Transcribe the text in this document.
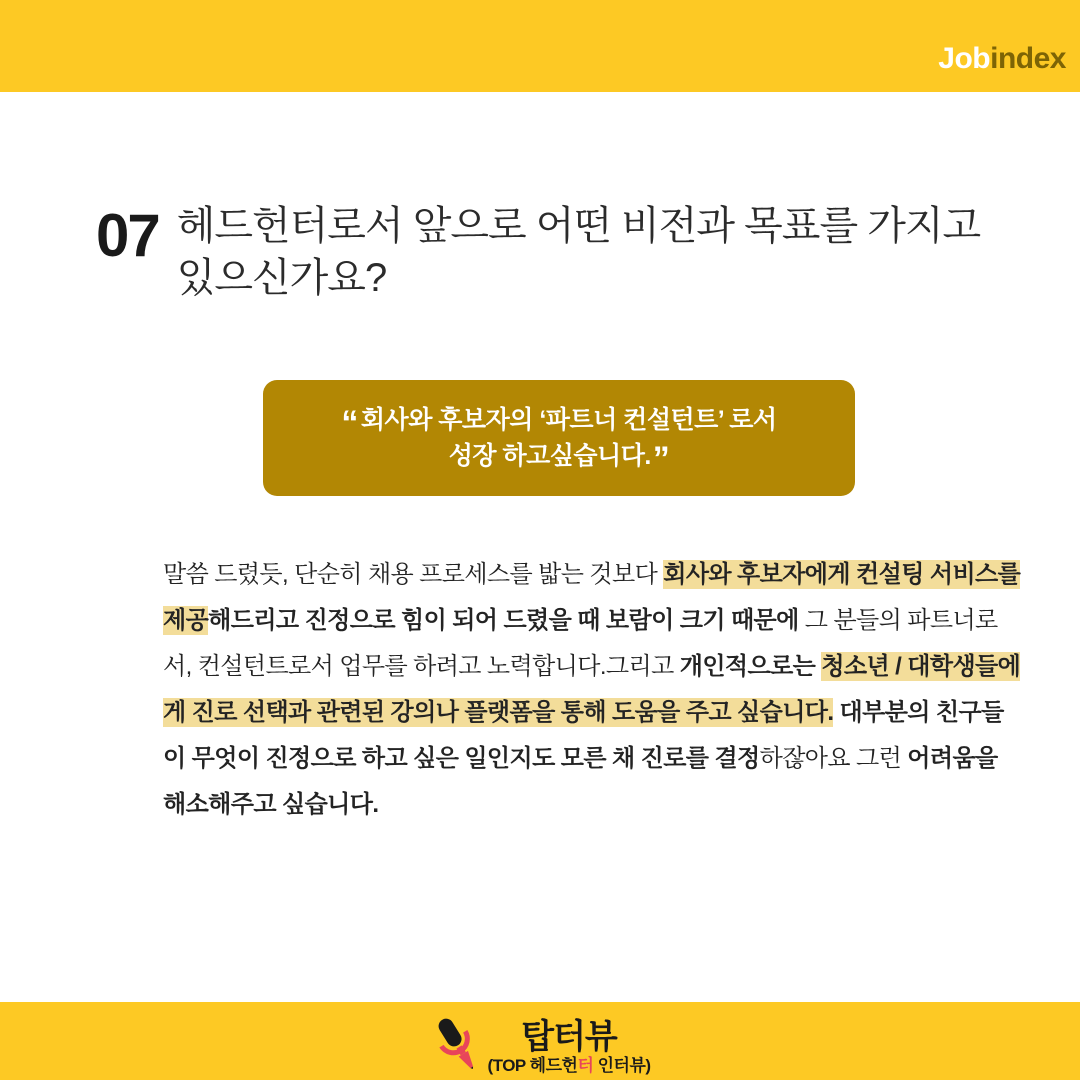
Jobindex
07 헤드헌터로서 앞으로 어떤 비전과 목표를 가지고 있으신가요?
“ 회사와 후보자의 ‘파트너 컨설턴트’ 로서
성장 하고싶습니다.”
말씀 드렸듯, 단순히 채용 프로세스를 밟는 것보다 회사와 후보자에게 컨설팅 서비스를 제공해드리고 진정으로 힘이 되어 드렸을 때 보람이 크기 때문에 그 분들의 파트너로서, 컨설턴트로서 업무를 하려고 노력합니다.그리고 개인적으로는 청소년 / 대학생들에게 진로 선택과 관련된 강의나 플랫폼을 통해 도움을 주고 싶습니다. 대부분의 친구들이 무엇이 진정으로 하고 싶은 일인지도 모른 채 진로를 결정하잖아요 그런 어려움을 해소해주고 싶습니다.
탑터뷰
(TOP 헤드헌터 인터뷰)
